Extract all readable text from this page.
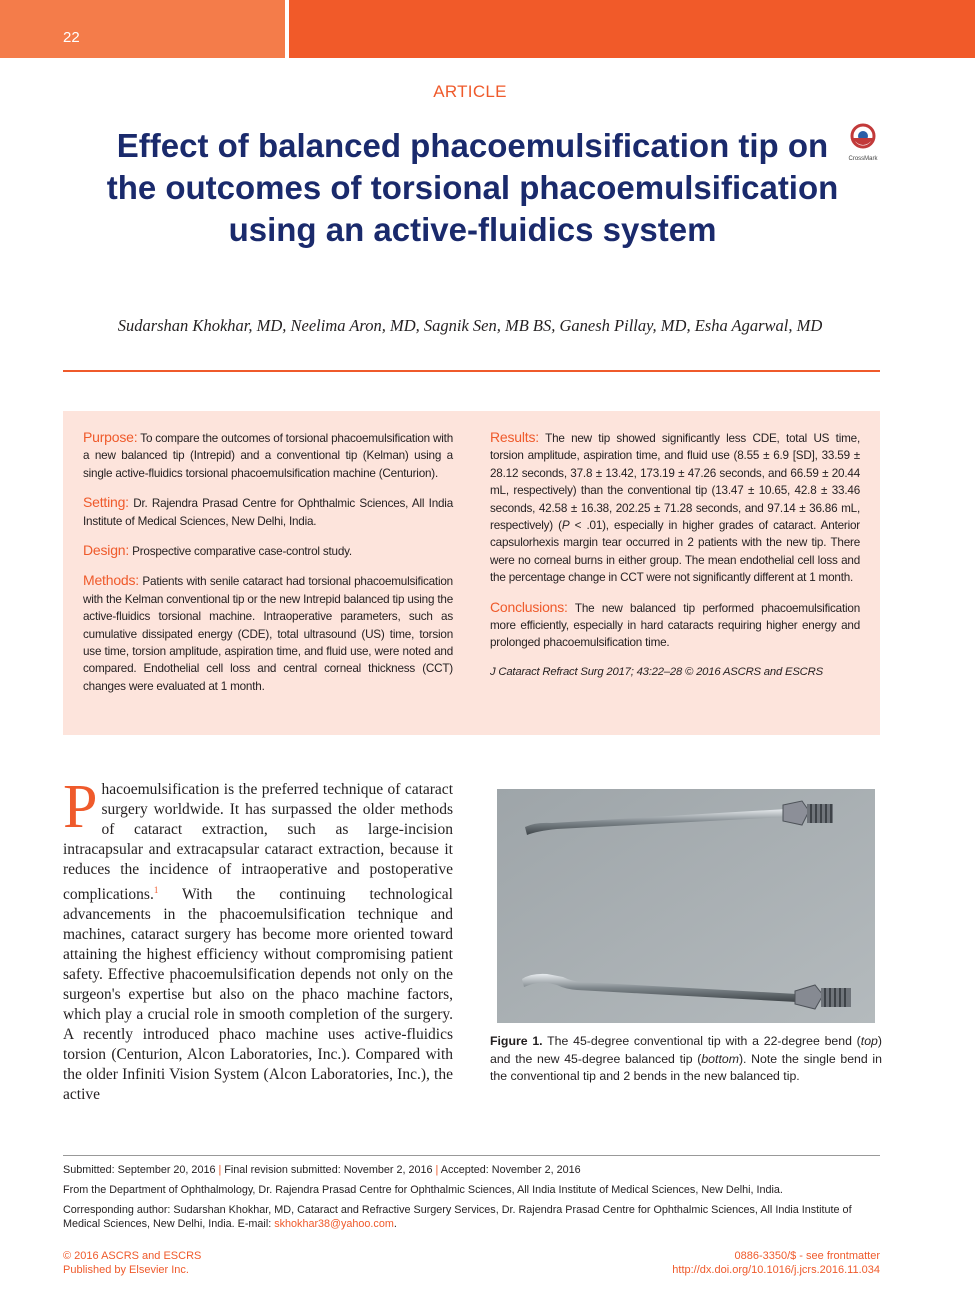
22
ARTICLE
Effect of balanced phacoemulsification tip on the outcomes of torsional phacoemulsification using an active-fluidics system
CrossMark
Sudarshan Khokhar, MD, Neelima Aron, MD, Sagnik Sen, MB BS, Ganesh Pillay, MD, Esha Agarwal, MD

Purpose: To compare the outcomes of torsional phacoemulsification with a new balanced tip (Intrepid) and a conventional tip (Kelman) using a single active-fluidics torsional phacoemulsification machine (Centurion).

Setting: Dr. Rajendra Prasad Centre for Ophthalmic Sciences, All India Institute of Medical Sciences, New Delhi, India.

Design: Prospective comparative case-control study.

Methods: Patients with senile cataract had torsional phacoemulsification with the Kelman conventional tip or the new Intrepid balanced tip using the active-fluidics torsional machine. Intraoperative parameters, such as cumulative dissipated energy (CDE), total ultrasound (US) time, torsion use time, torsion amplitude, aspiration time, and fluid use, were noted and compared. Endothelial cell loss and central corneal thickness (CCT) changes were evaluated at 1 month.

Results: The new tip showed significantly less CDE, total US time, torsion amplitude, aspiration time, and fluid use (8.55 ± 6.9 [SD], 33.59 ± 28.12 seconds, 37.8 ± 13.42, 173.19 ± 47.26 seconds, and 66.59 ± 20.44 mL, respectively) than the conventional tip (13.47 ± 10.65, 42.8 ± 33.46 seconds, 42.58 ± 16.38, 202.25 ± 71.28 seconds, and 97.14 ± 36.86 mL, respectively) (P < .01), especially in higher grades of cataract. Anterior capsulorhexis margin tear occurred in 2 patients with the new tip. There were no corneal burns in either group. The mean endothelial cell loss and the percentage change in CCT were not significantly different at 1 month.

Conclusions: The new balanced tip performed phacoemulsification more efficiently, especially in hard cataracts requiring higher energy and prolonged phacoemulsification time.

J Cataract Refract Surg 2017; 43:22–28 © 2016 ASCRS and ESCRS

Phacoemulsification is the preferred technique of cataract surgery worldwide. It has surpassed the older methods of cataract extraction, such as large-incision intracapsular and extracapsular cataract extraction, because it reduces the incidence of intraoperative and postoperative complications.$^1$ With the continuing technological advancements in the phacoemulsification technique and machines, cataract surgery has become more oriented toward attaining the highest efficiency without compromising patient safety. Effective phacoemulsification depends not only on the surgeon's expertise but also on the phaco machine factors, which play a crucial role in smooth completion of the surgery. A recently introduced phaco machine uses active-fluidics torsion (Centurion, Alcon Laboratories, Inc.). Compared with the older Infiniti Vision System (Alcon Laboratories, Inc.), the active
Figure 1. The 45-degree conventional tip with a 22-degree bend (top) and the new 45-degree balanced tip (bottom). Note the single bend in the conventional tip and 2 bends in the new balanced tip.

Submitted: September 20, 2016 | Final revision submitted: November 2, 2016 | Accepted: November 2, 2016

From the Department of Ophthalmology, Dr. Rajendra Prasad Centre for Ophthalmic Sciences, All India Institute of Medical Sciences, New Delhi, India.

Corresponding author: Sudarshan Khokhar, MD, Cataract and Refractive Surgery Services, Dr. Rajendra Prasad Centre for Ophthalmic Sciences, All India Institute of Medical Sciences, New Delhi, India. E-mail: skhokhar38@yahoo.com.

© 2016 ASCRS and ESCRS
Published by Elsevier Inc.
0886-3350/$ - see frontmatter
http://dx.doi.org/10.1016/j.jcrs.2016.11.034
